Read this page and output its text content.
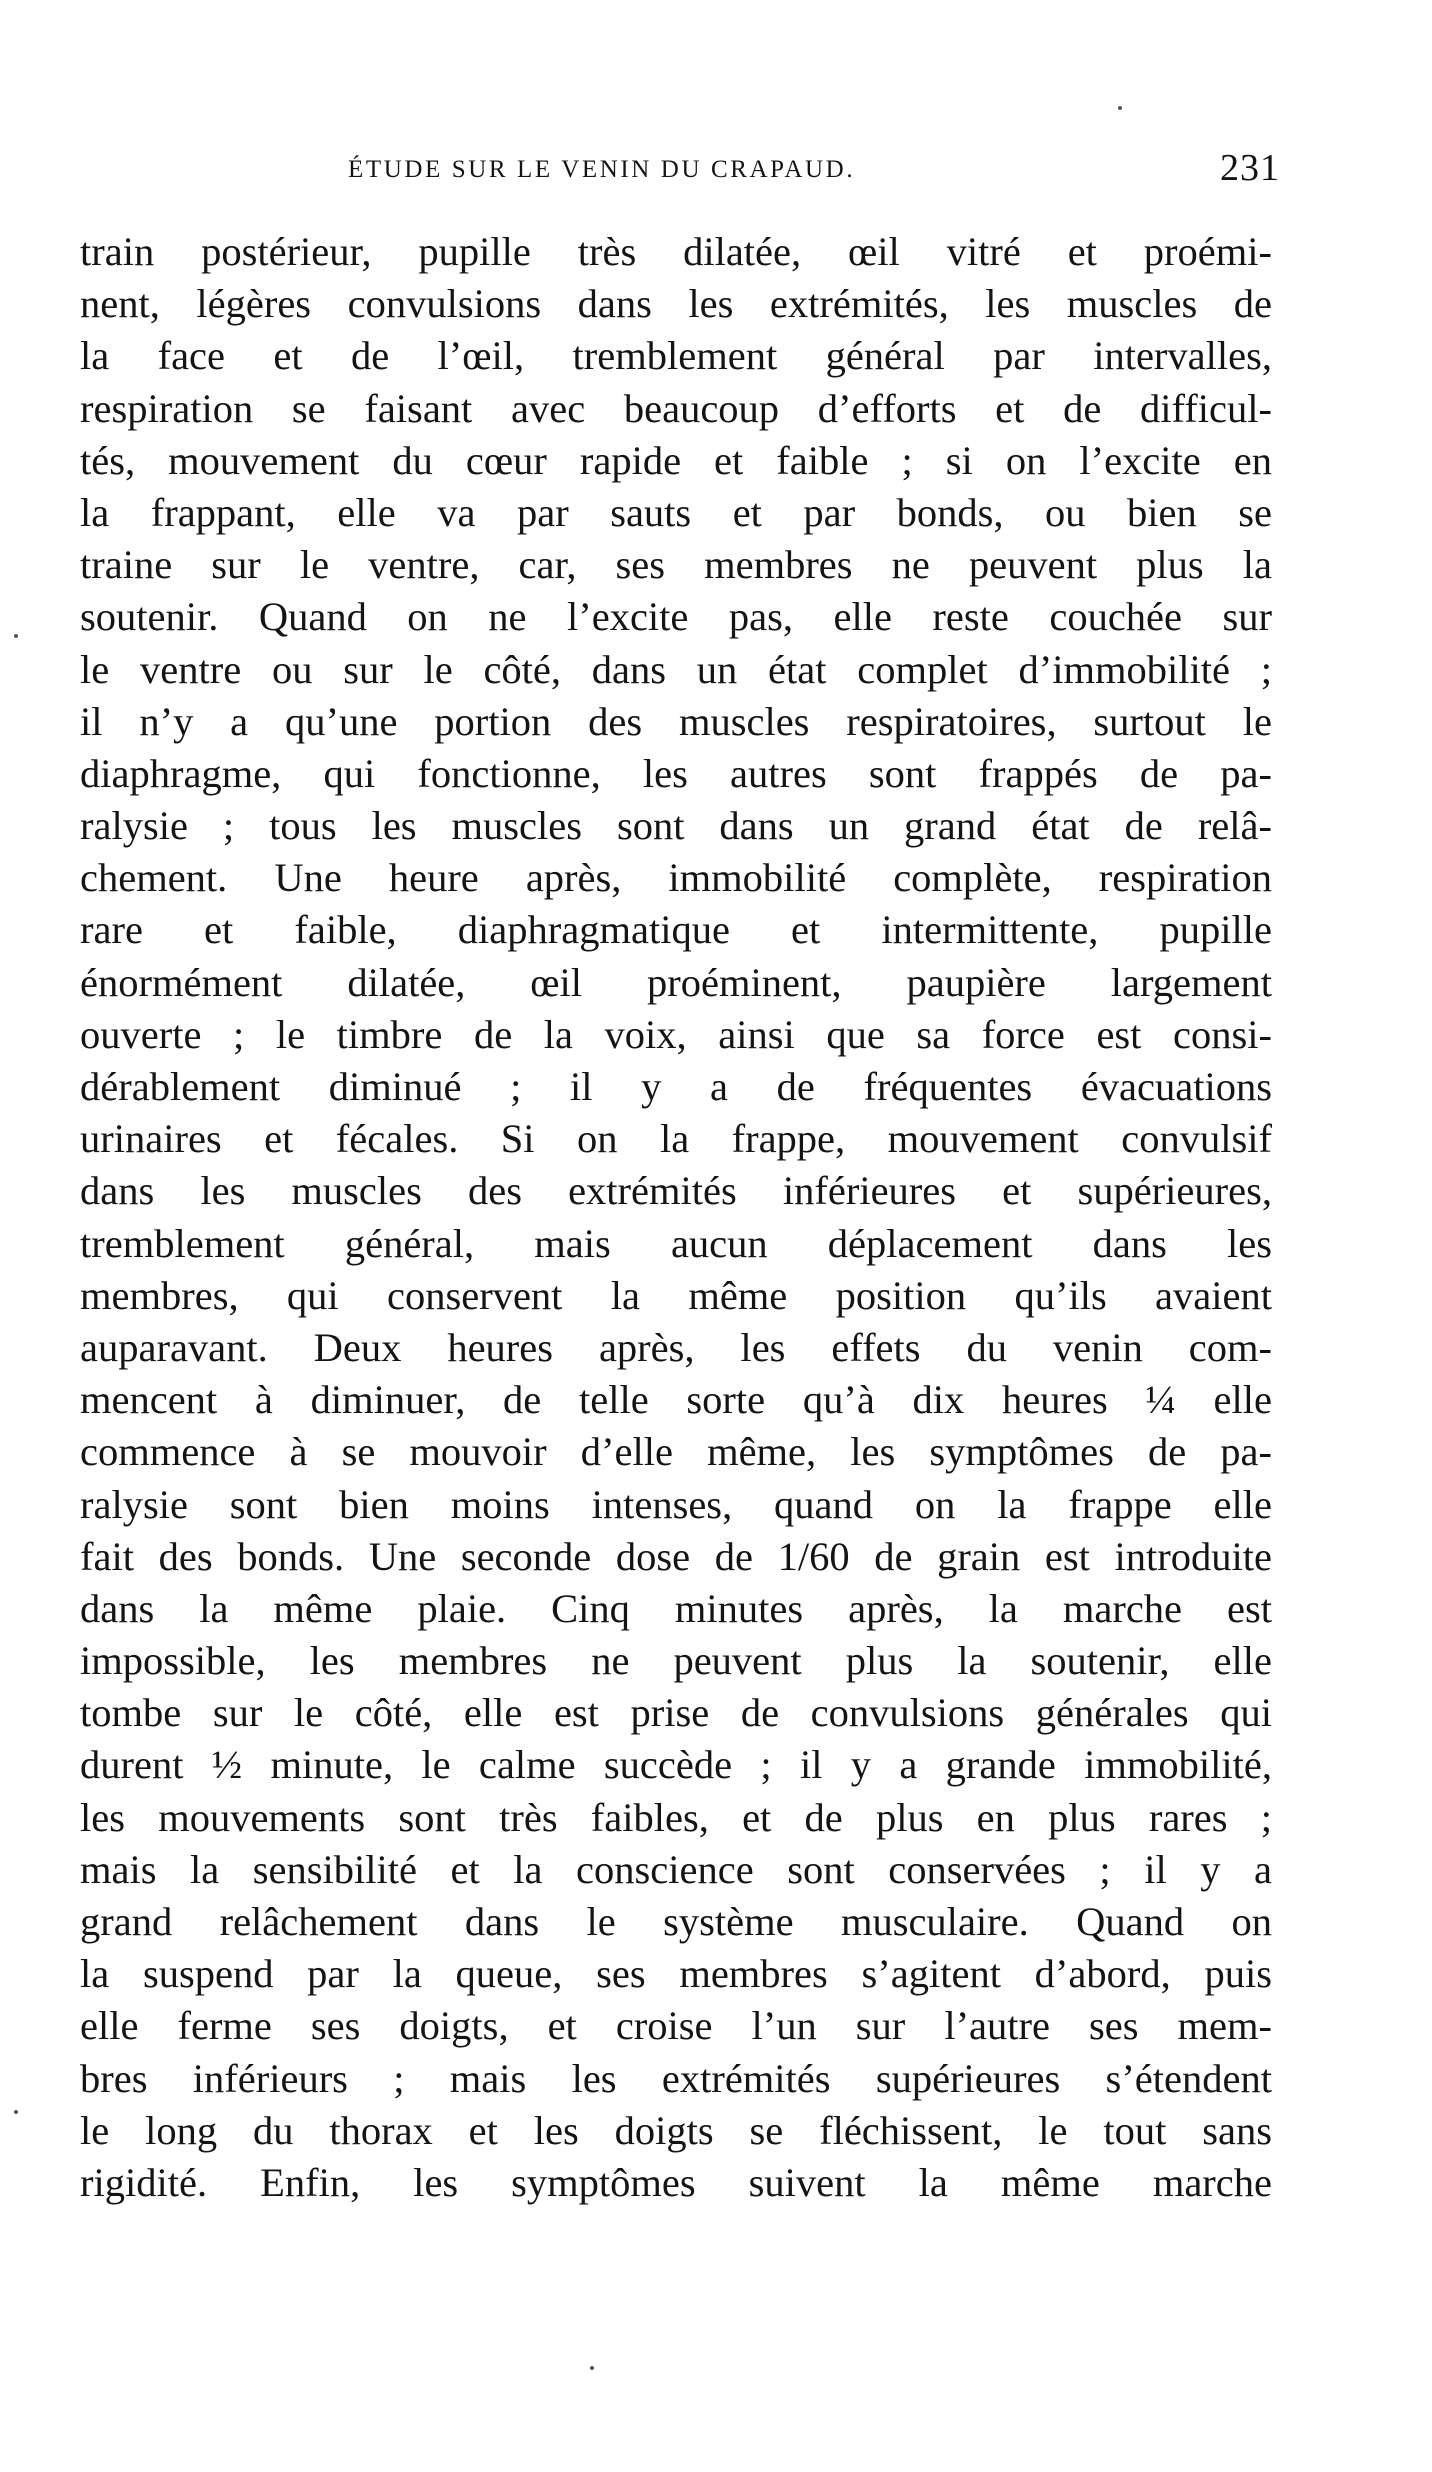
ÉTUDE SUR LE VENIN DU CRAPAUD.	231
train postérieur, pupille très dilatée, œil vitré et proémi-
nent, légères convulsions dans les extrémités, les muscles de
la face et de l’œil, tremblement général par intervalles,
respiration se faisant avec beaucoup d’efforts et de difficul-
tés, mouvement du cœur rapide et faible ; si on l’excite en
la frappant, elle va par sauts et par bonds, ou bien se
traine sur le ventre, car, ses membres ne peuvent plus la
soutenir. Quand on ne l’excite pas, elle reste couchée sur
le ventre ou sur le côté, dans un état complet d’immobilité ;
il n’y a qu’une portion des muscles respiratoires, surtout le
diaphragme, qui fonctionne, les autres sont frappés de pa-
ralysie ; tous les muscles sont dans un grand état de relâ-
chement. Une heure après, immobilité complète, respiration
rare et faible, diaphragmatique et intermittente, pupille
énormément dilatée, œil proéminent, paupière largement
ouverte ; le timbre de la voix, ainsi que sa force est consi-
dérablement diminué ; il y a de fréquentes évacuations
urinaires et fécales. Si on la frappe, mouvement convulsif
dans les muscles des extrémités inférieures et supérieures,
tremblement général, mais aucun déplacement dans les
membres, qui conservent la même position qu’ils avaient
auparavant. Deux heures après, les effets du venin com-
mencent à diminuer, de telle sorte qu’à dix heures ¼ elle
commence à se mouvoir d’elle même, les symptômes de pa-
ralysie sont bien moins intenses, quand on la frappe elle
fait des bonds. Une seconde dose de 1/60 de grain est introduite
dans la même plaie. Cinq minutes après, la marche est
impossible, les membres ne peuvent plus la soutenir, elle
tombe sur le côté, elle est prise de convulsions générales qui
durent ½ minute, le calme succède ; il y a grande immobilité,
les mouvements sont très faibles, et de plus en plus rares ;
mais la sensibilité et la conscience sont conservées ; il y a
grand relâchement dans le système musculaire. Quand on
la suspend par la queue, ses membres s’agitent d’abord, puis
elle ferme ses doigts, et croise l’un sur l’autre ses mem-
bres inférieurs ; mais les extrémités supérieures s’étendent
le long du thorax et les doigts se fléchissent, le tout sans
rigidité. Enfin, les symptômes suivent la même marche
